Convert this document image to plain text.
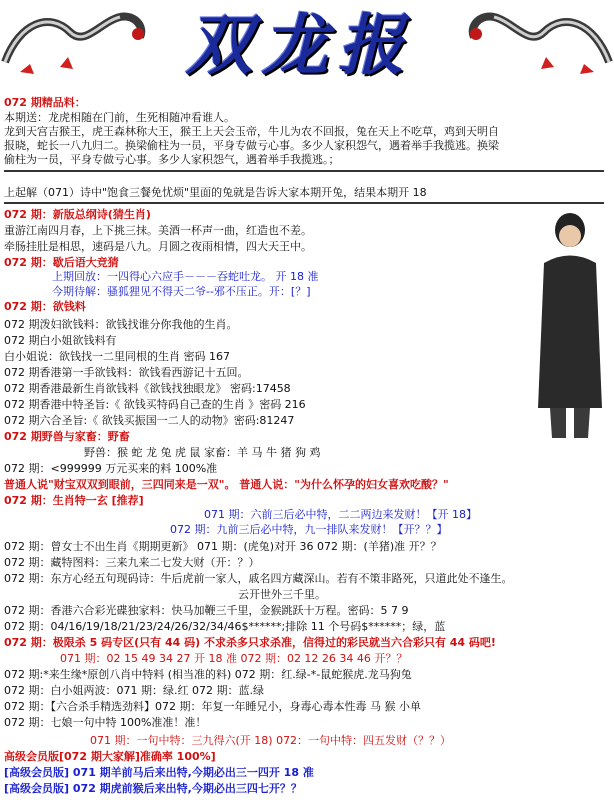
双龙报
072 期精品料：
本期送：龙虎相随在门前，生死相随冲看谁人。
龙到天宫吉猴王，虎王森林称大王，猴王上天会玉帝，牛儿为农不回报，兔在天上不吃草，鸡到天明自
报晓，蛇长一八九归二。换梁偷柱为一员，平身专做亏心事。多少人家积怨气，遇着举手我揽逃。换梁
偷柱为一员，平身专做亏心事。多少人家积怨气，遇着举手我揽逃。；
上起解（071）诗中"饱食三餐免忧烦"里面的兔就是告诉大家本期开兔，结果本期开 18
072 期：新版总纲诗(猜生肖)
重游江南四月春，上下挑三抹。美酒一杯声一曲，红造也不差。
牵肠挂肚是相思，速码是八九。月圆之夜雨相情，四大天王中。
072 期：歇后语大竞猜
上期回放：一四得心六应手－－－吞蛇吐龙。 开 18 准
今期待解：骚狐狸见不得天二爷--邪不压正。开：[？]
072 期：欲钱料
072 期泼妇欲钱料：欲钱找谁分你我他的生肖。
072 期白小姐欲钱料有
白小姐说：欲钱找一二里同根的生肖 密码 167
072 期香港第一手欲钱料：欲钱看西游记十五回。
072 期香港最新生肖欲钱料《欲钱找独眼龙》 密码:17458
072 期香港中特圣旨:《 欲钱买特码自己查的生肖 》密码 216
072 期六合圣旨:《 欲钱买振国一二人的动物》密码:81247
072 期野兽与家畜：野畜
野兽：猴 蛇 龙 兔 虎 鼠 家畜：羊 马 牛 猪 狗 鸡
072 期：<999999 万元买来的料 100%准
普通人说"财宝双双到眼前，三四同来是一双"。 普通人说："为什么怀孕的妇女喜欢吃酸？"
072 期：生肖特一玄 [推荐]
071 期：六前三后必中特，二二两边来发财！【开 18】
072 期：九前三后必中特，九一排队来发财！【开？？】
072 期：曾女士不出生肖《期期更新》 071 期：(虎兔)对开 36 072 期：(羊猪)准 开？？
072 期：藏特图料：三来九来二七发大财（开：？）
072 期：东方心经五句现码诗：牛后虎前一家人，戚名四方藏深山。若有不策非路死，只道此处不逢生。
云开世外三千里。
072 期：香港六合彩光碟独家料：快马加鞭三千里，金猴跳跃十万程。密码：5 7 9
072 期：04/16/19/18/21/23/24/26/32/34/46$******;排除 11 个号码$******；绿，蓝
072 期：极限杀 5 码专区(只有 44 码) 不求杀多只求杀准，信得过的彩民就当六合彩只有 44 码吧!
071 期：02 15 49 34 27 开 18 准 072 期：02 12 26 34 46 开？？
072 期:*来生缘*原创八肖中特料 (相当准的料) 072 期：红.绿-*-鼠蛇猴虎.龙马狗兔
072 期：白小姐两波：071 期：绿.红 072 期：蓝.绿
072 期：【六合杀手精选劲料】072 期：年复一年睡兄小，身毒心毒本性毒 马 猴 小单
072 期：七娘一句中特 100%准准！准！
071 期：一句中特：三九得六(开 18) 072：一句中特：四五发财（？？）
高级会员版[072 期大家解]准确率 100%]
[高级会员版] 071 期羊前马后来出特,今期必出三一四开 18 准
[高级会员版] 072 期虎前猴后来出特,今期必出三四七开？？
